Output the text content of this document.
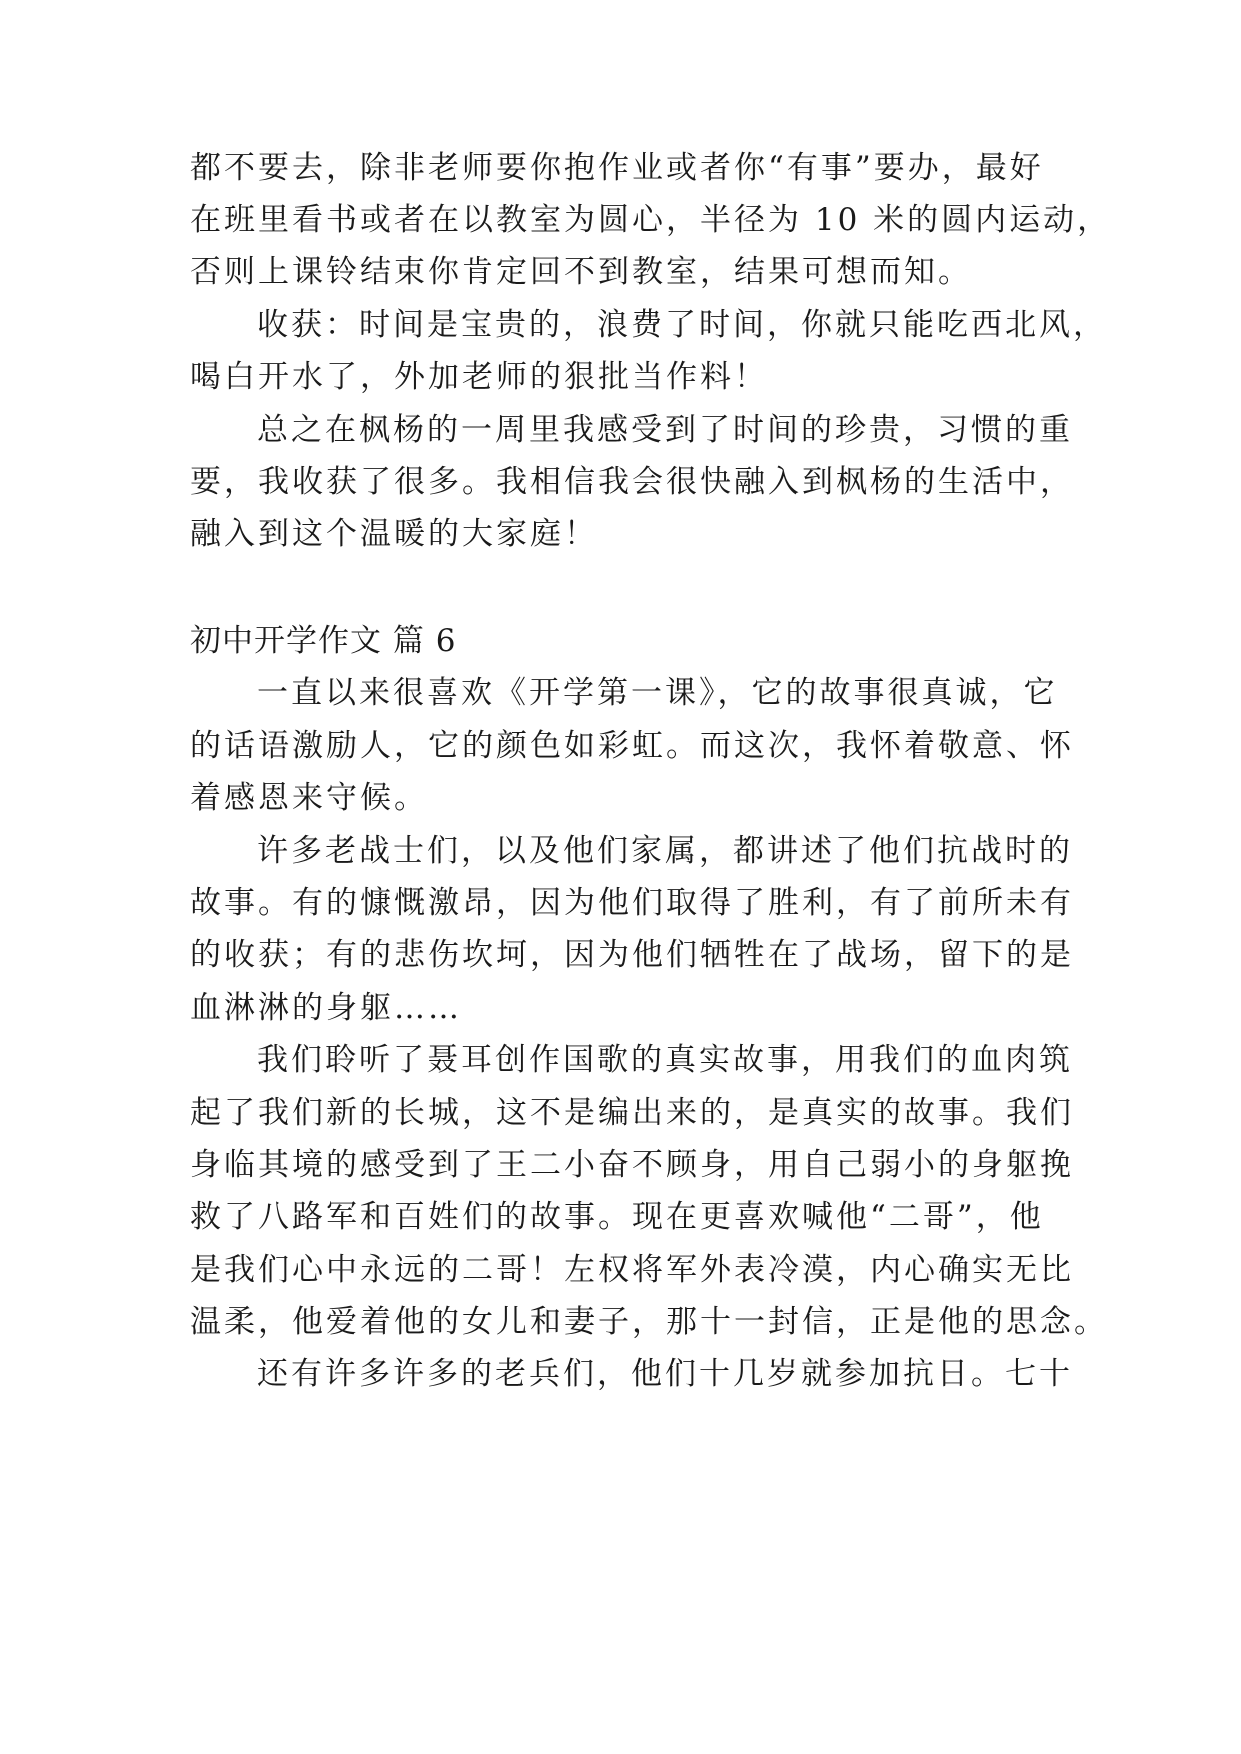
都不要去，除非老师要你抱作业或者你“有事”要办，最好
在班里看书或者在以教室为圆心，半径为 10 米的圆内运动，
否则上课铃结束你肯定回不到教室，结果可想而知。
收获：时间是宝贵的，浪费了时间，你就只能吃西北风，
喝白开水了，外加老师的狠批当作料！
总之在枫杨的一周里我感受到了时间的珍贵，习惯的重
要，我收获了很多。我相信我会很快融入到枫杨的生活中，
融入到这个温暖的大家庭！
初中开学作文 篇 6
一直以来很喜欢《开学第一课》，它的故事很真诚，它
的话语激励人，它的颜色如彩虹。而这次，我怀着敬意、怀
着感恩来守候。
许多老战士们，以及他们家属，都讲述了他们抗战时的
故事。有的慷慨激昂，因为他们取得了胜利，有了前所未有
的收获；有的悲伤坎坷，因为他们牺牲在了战场，留下的是
血淋淋的身躯……
我们聆听了聂耳创作国歌的真实故事，用我们的血肉筑
起了我们新的长城，这不是编出来的，是真实的故事。我们
身临其境的感受到了王二小奋不顾身，用自己弱小的身躯挽
救了八路军和百姓们的故事。现在更喜欢喊他“二哥”，他
是我们心中永远的二哥！左权将军外表冷漠，内心确实无比
温柔，他爱着他的女儿和妻子，那十一封信，正是他的思念。
还有许多许多的老兵们，他们十几岁就参加抗日。七十
